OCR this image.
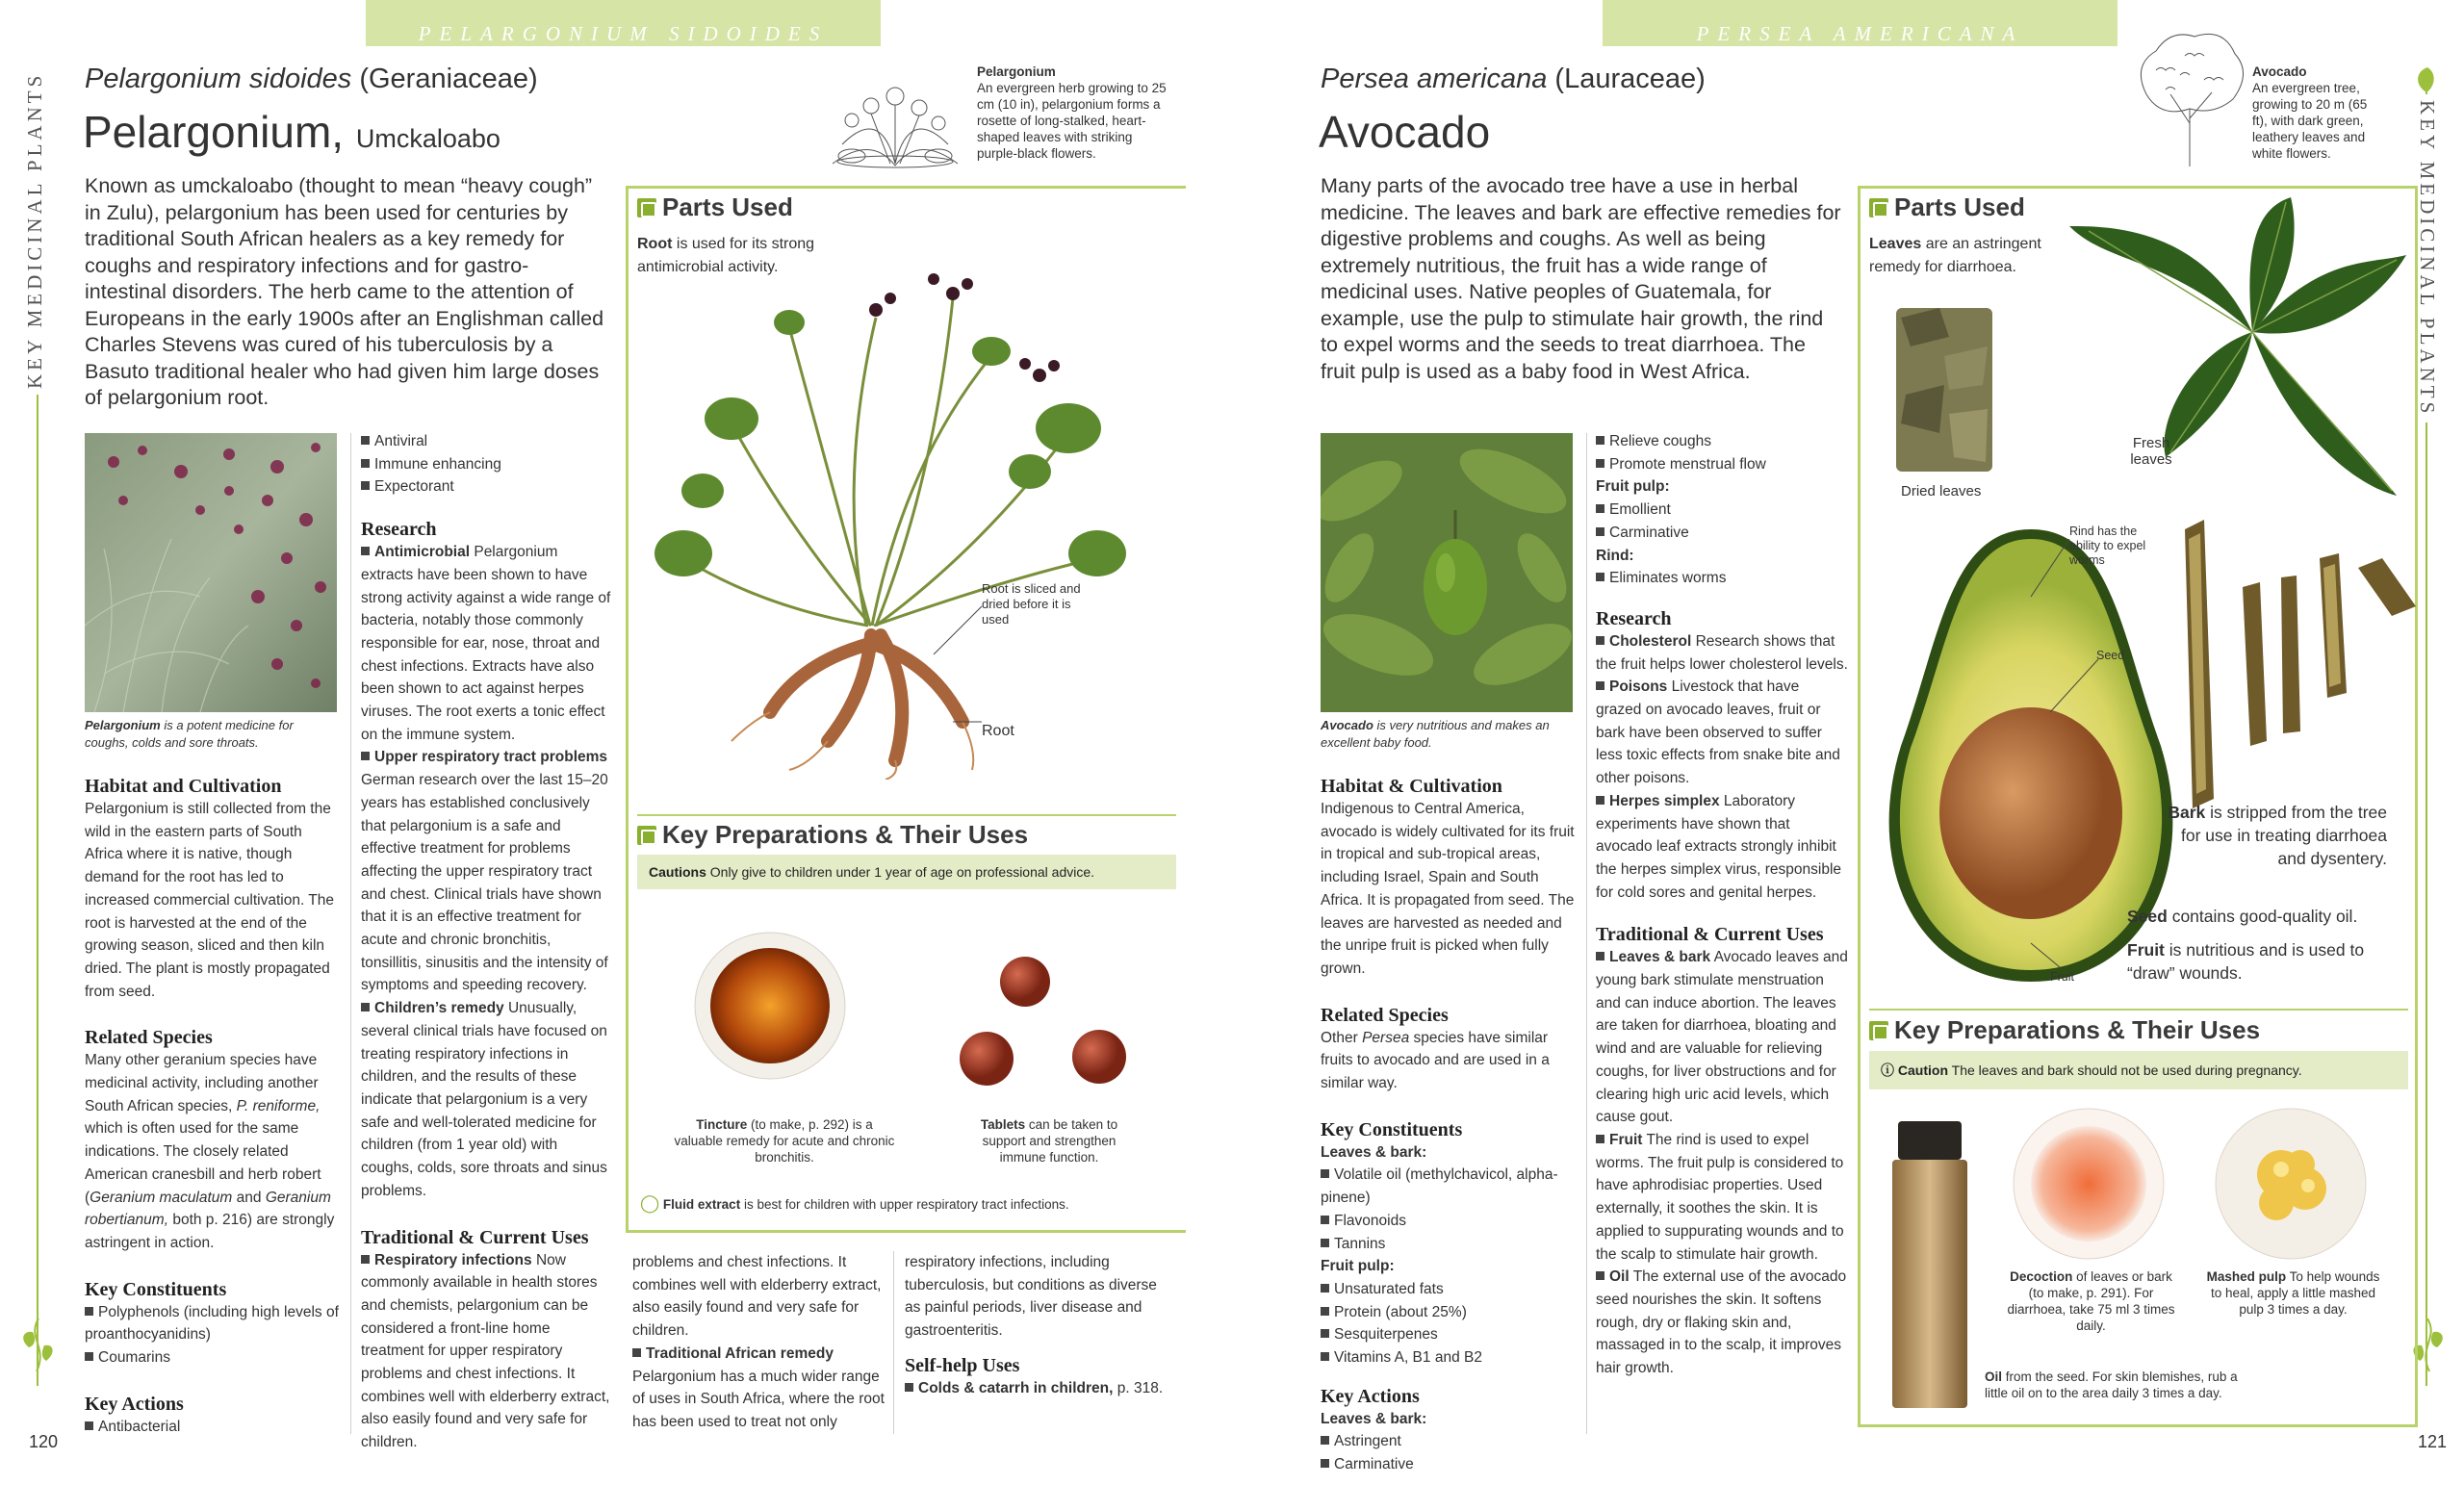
PELARGONIUM SIDOIDES
KEY MEDICINAL PLANTS
120
Pelargonium sidoides (Geraniaceae)
Pelargonium, Umckaloabo
Pelargonium
An evergreen herb growing to 25 cm (10 in), pelargonium forms a rosette of long-stalked, heart-shaped leaves with striking purple-black flowers.
Known as umckaloabo (thought to mean “heavy cough” in Zulu), pelargonium has been used for centuries by traditional South African healers as a key remedy for coughs and respiratory infections and for gastro-intestinal disorders. The herb came to the attention of Europeans in the early 1900s after an Englishman called Charles Stevens was cured of his tuberculosis by a Basuto traditional healer who had given him large doses of pelargonium root.
Pelargonium is a potent medicine for coughs, colds and sore throats.
Habitat and Cultivation
Pelargonium is still collected from the wild in the eastern parts of South Africa where it is native, though demand for the root has led to increased commercial cultivation. The root is harvested at the end of the growing season, sliced and then kiln dried. The plant is mostly propagated from seed.
Related Species
Many other geranium species have medicinal activity, including another South African species, P. reniforme, which is often used for the same indications. The closely related American cranesbill and herb robert (Geranium maculatum and Geranium robertianum, both p. 216) are strongly astringent in action.
Key Constituents
Polyphenols (including high levels of proanthocyanidins)
Coumarins
Key Actions
Antibacterial
Antiviral
Immune enhancing
Expectorant
Research
Antimicrobial Pelargonium extracts have been shown to have strong activity against a wide range of bacteria, notably those commonly responsible for ear, nose, throat and chest infections. Extracts have also been shown to act against herpes viruses. The root exerts a tonic effect on the immune system.
Upper respiratory tract problems German research over the last 15–20 years has established conclusively that pelargonium is a safe and effective treatment for problems affecting the upper respiratory tract and chest. Clinical trials have shown that it is an effective treatment for acute and chronic bronchitis, tonsillitis, sinusitis and the intensity of symptoms and speeding recovery.
Children’s remedy Unusually, several clinical trials have focused on treating respiratory infections in children, and the results of these indicate that pelargonium is a very safe and well-tolerated medicine for children (from 1 year old) with coughs, colds, sore throats and sinus problems.
Traditional & Current Uses
Respiratory infections Now commonly available in health stores and chemists, pelargonium can be considered a front-line home treatment for upper respiratory problems and chest infections. It combines well with elderberry extract, also easily found and very safe for children.
Parts Used
Root is used for its strong antimicrobial activity.
Root is sliced and dried before it is used
Root
Key Preparations & Their Uses
Cautions Only give to children under 1 year of age on professional advice.
Tincture (to make, p. 292) is a valuable remedy for acute and chronic bronchitis.
Tablets can be taken to support and strengthen immune function.
◯ Fluid extract is best for children with upper respiratory tract infections.
problems and chest infections. It combines well with elderberry extract, also easily found and very safe for children.
Traditional African remedy Pelargonium has a much wider range of uses in South Africa, where the root has been used to treat not only
respiratory infections, including tuberculosis, but conditions as diverse as painful periods, liver disease and gastroenteritis.
Self-help Uses
Colds & catarrh in children, p. 318.
PERSEA AMERICANA
KEY MEDICINAL PLANTS
121
Persea americana (Lauraceae)
Avocado
Avocado
An evergreen tree, growing to 20 m (65 ft), with dark green, leathery leaves and white flowers.
Many parts of the avocado tree have a use in herbal medicine. The leaves and bark are effective remedies for digestive problems and coughs. As well as being extremely nutritious, the fruit has a wide range of medicinal uses. Native peoples of Guatemala, for example, use the pulp to stimulate hair growth, the rind to expel worms and the seeds to treat diarrhoea. The fruit pulp is used as a baby food in West Africa.
Avocado is very nutritious and makes an excellent baby food.
Habitat & Cultivation
Indigenous to Central America, avocado is widely cultivated for its fruit in tropical and sub-tropical areas, including Israel, Spain and South Africa. It is propagated from seed. The leaves are harvested as needed and the unripe fruit is picked when fully grown.
Related Species
Other Persea species have similar fruits to avocado and are used in a similar way.
Key Constituents
Leaves & bark:
Volatile oil (methylchavicol, alpha-pinene)
Flavonoids
Tannins
Fruit pulp:
Unsaturated fats
Protein (about 25%)
Sesquiterpenes
Vitamins A, B1 and B2
Key Actions
Leaves & bark:
Astringent
Carminative
Relieve coughs
Promote menstrual flow
Fruit pulp:
Emollient
Carminative
Rind:
Eliminates worms
Research
Cholesterol Research shows that the fruit helps lower cholesterol levels.
Poisons Livestock that have grazed on avocado leaves, fruit or bark have been observed to suffer less toxic effects from snake bite and other poisons.
Herpes simplex Laboratory experiments have shown that avocado leaf extracts strongly inhibit the herpes simplex virus, responsible for cold sores and genital herpes.
Traditional & Current Uses
Leaves & bark Avocado leaves and young bark stimulate menstruation and can induce abortion. The leaves are taken for diarrhoea, bloating and wind and are valuable for relieving coughs, for liver obstructions and for clearing high uric acid levels, which cause gout.
Fruit The rind is used to expel worms. The fruit pulp is considered to have aphrodisiac properties. Used externally, it soothes the skin. It is applied to suppurating wounds and to the scalp to stimulate hair growth.
Oil The external use of the avocado seed nourishes the skin. It softens rough, dry or flaking skin and, massaged in to the scalp, it improves hair growth.
Parts Used
Leaves are an astringent remedy for diarrhoea.
Dried leaves
Fresh leaves
Rind has the ability to expel worms
Seed
Fruit
Bark is stripped from the tree for use in treating diarrhoea and dysentery.
Seed contains good-quality oil.
Fruit is nutritious and is used to “draw” wounds.
Key Preparations & Their Uses
ⓘ Caution The leaves and bark should not be used during pregnancy.
Decoction of leaves or bark (to make, p. 291). For diarrhoea, take 75 ml 3 times daily.
Mashed pulp To help wounds to heal, apply a little mashed pulp 3 times a day.
Oil from the seed. For skin blemishes, rub a little oil on to the area daily 3 times a day.
